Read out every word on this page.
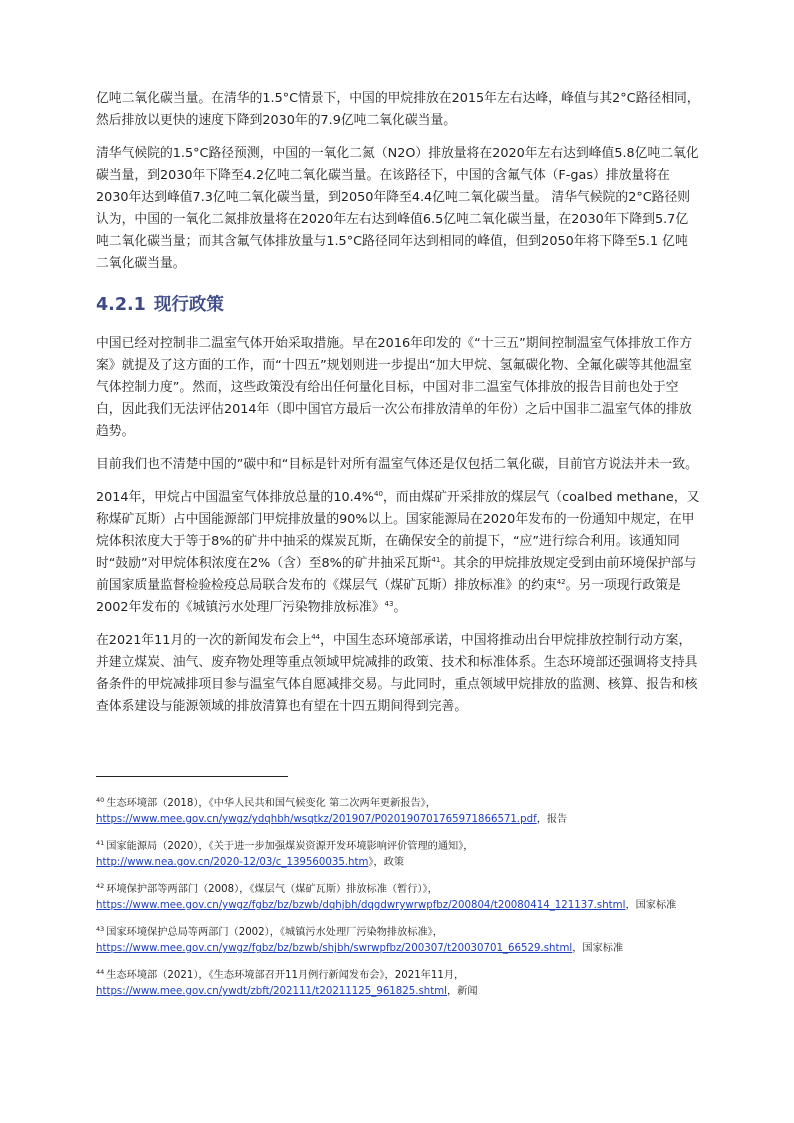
亿吨二氧化碳当量。在清华的1.5°C情景下，中国的甲烷排放在2015年左右达峰，峰值与其2°C路径相同，然后排放以更快的速度下降到2030年的7.9亿吨二氧化碳当量。

清华气候院的1.5°C路径预测，中国的一氧化二氮（N2O）排放量将在2020年左右达到峰值5.8亿吨二氧化碳当量，到2030年下降至4.2亿吨二氧化碳当量。在该路径下，中国的含氟气体（F-gas）排放量将在2030年达到峰值7.3亿吨二氧化碳当量，到2050年降至4.4亿吨二氧化碳当量。 清华气候院的2°C路径则认为，中国的一氧化二氮排放量将在2020年左右达到峰值6.5亿吨二氧化碳当量，在2030年下降到5.7亿吨二氧化碳当量；而其含氟气体排放量与1.5°C路径同年达到相同的峰值，但到2050年将下降至5.1 亿吨二氧化碳当量。

4.2.1 现行政策

中国已经对控制非二温室气体开始采取措施。早在2016年印发的《“十三五”期间控制温室气体排放工作方案》就提及了这方面的工作，而“十四五”规划则进一步提出“加大甲烷、氢氟碳化物、全氟化碳等其他温室气体控制力度”。然而，这些政策没有给出任何量化目标，中国对非二温室气体排放的报告目前也处于空白，因此我们无法评估2014年（即中国官方最后一次公布排放清单的年份）之后中国非二温室气体的排放趋势。

目前我们也不清楚中国的”碳中和“目标是针对所有温室气体还是仅包括二氧化碳，目前官方说法并未一致。

2014年，甲烷占中国温室气体排放总量的10.4%$^{40}$，而由煤矿开采排放的煤层气（coalbed methane，又称煤矿瓦斯）占中国能源部门甲烷排放量的90%以上。国家能源局在2020年发布的一份通知中规定，在甲烷体积浓度大于等于8%的矿井中抽采的煤炭瓦斯，在确保安全的前提下，“应”进行综合利用。该通知同时“鼓励”对甲烷体积浓度在2%（含）至8%的矿井抽采瓦斯$^{41}$。其余的甲烷排放规定受到由前环境保护部与前国家质量监督检验检疫总局联合发布的《煤层气（煤矿瓦斯）排放标准》的约束$^{42}$。另一项现行政策是2002年发布的《城镇污水处理厂污染物排放标准》$^{43}$。

在2021年11月的一次的新闻发布会上$^{44}$，中国生态环境部承诺，中国将推动出台甲烷排放控制行动方案，并建立煤炭、油气、废弃物处理等重点领域甲烷减排的政策、技术和标准体系。生态环境部还强调将支持具备条件的甲烷减排项目参与温室气体自愿减排交易。与此同时，重点领域甲烷排放的监测、核算、报告和核查体系建设与能源领域的排放清算也有望在十四五期间得到完善。

$^{40}$ 生态环境部（2018），《中华人民共和国气候变化 第二次两年更新报告》，
https://www.mee.gov.cn/ywgz/ydqhbh/wsqtkz/201907/P020190701765971866571.pdf，报告

$^{41}$ 国家能源局（2020），《关于进一步加强煤炭资源开发环境影响评价管理的通知》，
http://www.nea.gov.cn/2020-12/03/c_139560035.htm》，政策

$^{42}$ 环境保护部等两部门（2008），《煤层气（煤矿瓦斯）排放标准（暂行）》，
https://www.mee.gov.cn/ywgz/fgbz/bz/bzwb/dqhjbh/dqgdwrywrwpfbz/200804/t20080414_121137.shtml，国家标准

$^{43}$ 国家环境保护总局等两部门（2002），《城镇污水处理厂污染物排放标准》，
https://www.mee.gov.cn/ywgz/fgbz/bz/bzwb/shjbh/swrwpfbz/200307/t20030701_66529.shtml，国家标准

$^{44}$ 生态环境部（2021），《生态环境部召开11月例行新闻发布会》，2021年11月，
https://www.mee.gov.cn/ywdt/zbft/202111/t20211125_961825.shtml，新闻
